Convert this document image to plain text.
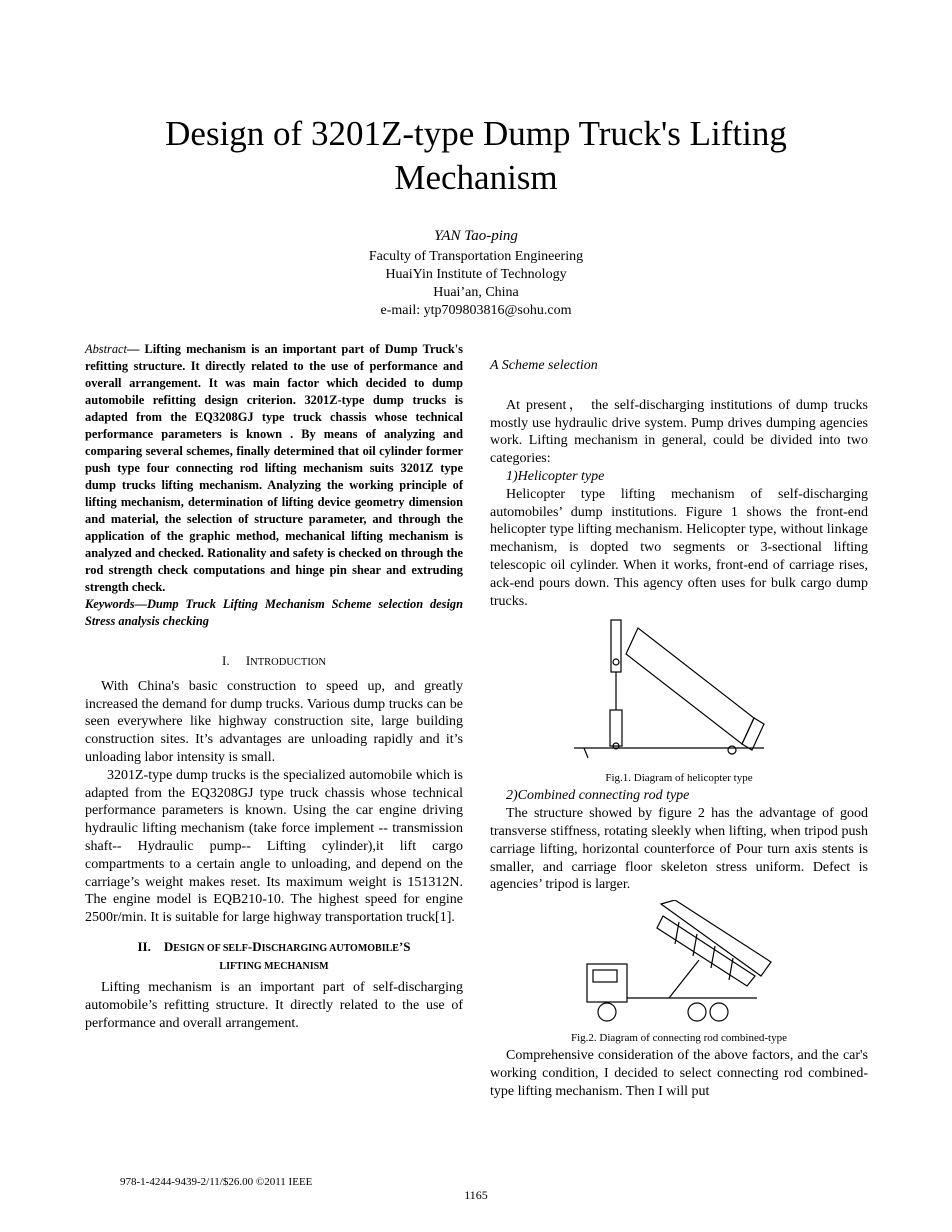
Design of 3201Z-type Dump Truck's Lifting Mechanism
YAN Tao-ping
Faculty of Transportation Engineering
HuaiYin Institute of Technology
Huai’an, China
e-mail: ytp709803816@sohu.com

Abstract— Lifting mechanism is an important part of Dump Truck's refitting structure. It directly related to the use of performance and overall arrangement. It was main factor which decided to dump automobile refitting design criterion. 3201Z-type dump trucks is adapted from the EQ3208GJ type truck chassis whose technical performance parameters is known . By means of analyzing and comparing several schemes, finally determined that oil cylinder former push type four connecting rod lifting mechanism suits 3201Z type dump trucks lifting mechanism. Analyzing the working principle of lifting mechanism, determination of lifting device geometry dimension and material, the selection of structure parameter, and through the application of the graphic method, mechanical lifting mechanism is analyzed and checked. Rationality and safety is checked on through the rod strength check computations and hinge pin shear and extruding strength check.

Keywords—Dump Truck Lifting Mechanism Scheme selection design Stress analysis checking

I. INTRODUCTION

With China's basic construction to speed up, and greatly increased the demand for dump trucks. Various dump trucks can be seen everywhere like highway construction site, large building construction sites. It’s advantages are unloading rapidly and it’s unloading labor intensity is small.

3201Z-type dump trucks is the specialized automobile which is adapted from the EQ3208GJ type truck chassis whose technical performance parameters is known. Using the car engine driving hydraulic lifting mechanism (take force implement -- transmission shaft-- Hydraulic pump-- Lifting cylinder),it lift cargo compartments to a certain angle to unloading, and depend on the carriage’s weight makes reset. Its maximum weight is 151312N. The engine model is EQB210-10. The highest speed for engine 2500r/min. It is suitable for large highway transportation truck[1].

II. DESIGN OF SELF-DISCHARGING AUTOMOBILE’S
LIFTING MECHANISM

Lifting mechanism is an important part of self-discharging automobile’s refitting structure. It directly related to the use of performance and overall arrangement.

A Scheme selection

At present， the self-discharging institutions of dump trucks mostly use hydraulic drive system. Pump drives dumping agencies work. Lifting mechanism in general, could be divided into two categories:

1)Helicopter type

Helicopter type lifting mechanism of self-discharging automobiles’ dump institutions. Figure 1 shows the front-end helicopter type lifting mechanism. Helicopter type, without linkage mechanism, is dopted two segments or 3-sectional lifting telescopic oil cylinder. When it works, front-end of carriage rises, ack-end pours down. This agency often uses for bulk cargo dump trucks.

Fig.1. Diagram of helicopter type

2)Combined connecting rod type

The structure showed by figure 2 has the advantage of good transverse stiffness, rotating sleekly when lifting, when tripod push carriage lifting, horizontal counterforce of Pour turn axis stents is smaller, and carriage floor skeleton stress uniform. Defect is agencies’ tripod is larger.

Fig.2. Diagram of connecting rod combined-type

Comprehensive consideration of the above factors, and the car's working condition, I decided to select connecting rod combined-type lifting mechanism. Then I will put

978-1-4244-9439-2/11/$26.00 ©2011 IEEE
1165
